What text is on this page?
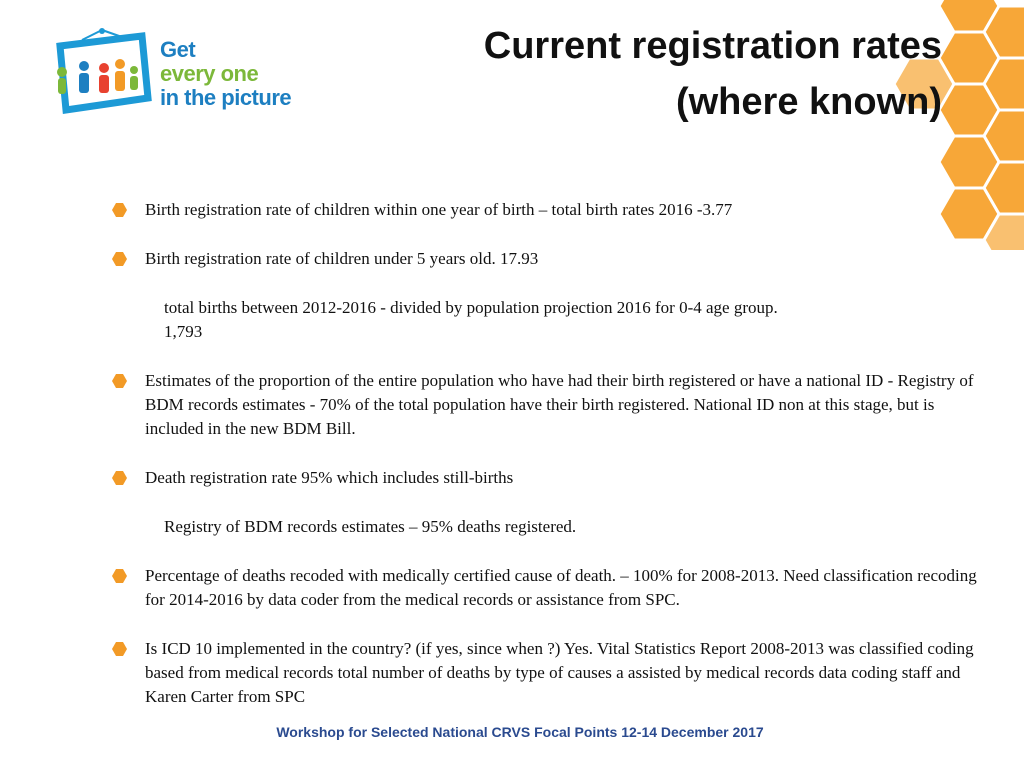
Get
every one
in the picture
Current registration rates
(where known)
Birth registration rate of children within one year of birth – total birth rates 2016 -3.77
Birth registration rate of children under 5 years old. 17.93
total births between 2012-2016 - divided by population projection 2016 for 0-4 age group.
1,793
Estimates of the proportion of the entire population who have had their birth registered or have a national ID - Registry of BDM records estimates - 70% of the total population have their birth registered. National ID non at this stage, but is included in the new BDM Bill.
Death registration rate 95% which includes still-births
Registry of BDM records estimates – 95% deaths registered.
Percentage of deaths recoded with medically certified cause of death. – 100% for 2008-2013. Need classification recoding for 2014-2016 by data coder from the medical records or assistance from SPC.
Is ICD 10 implemented in the country? (if yes, since when ?) Yes. Vital Statistics Report 2008-2013 was classified coding based from medical records total number of deaths by type of causes a assisted by medical records data coding staff and Karen Carter from SPC
Workshop for Selected National CRVS Focal Points 12-14 December 2017
